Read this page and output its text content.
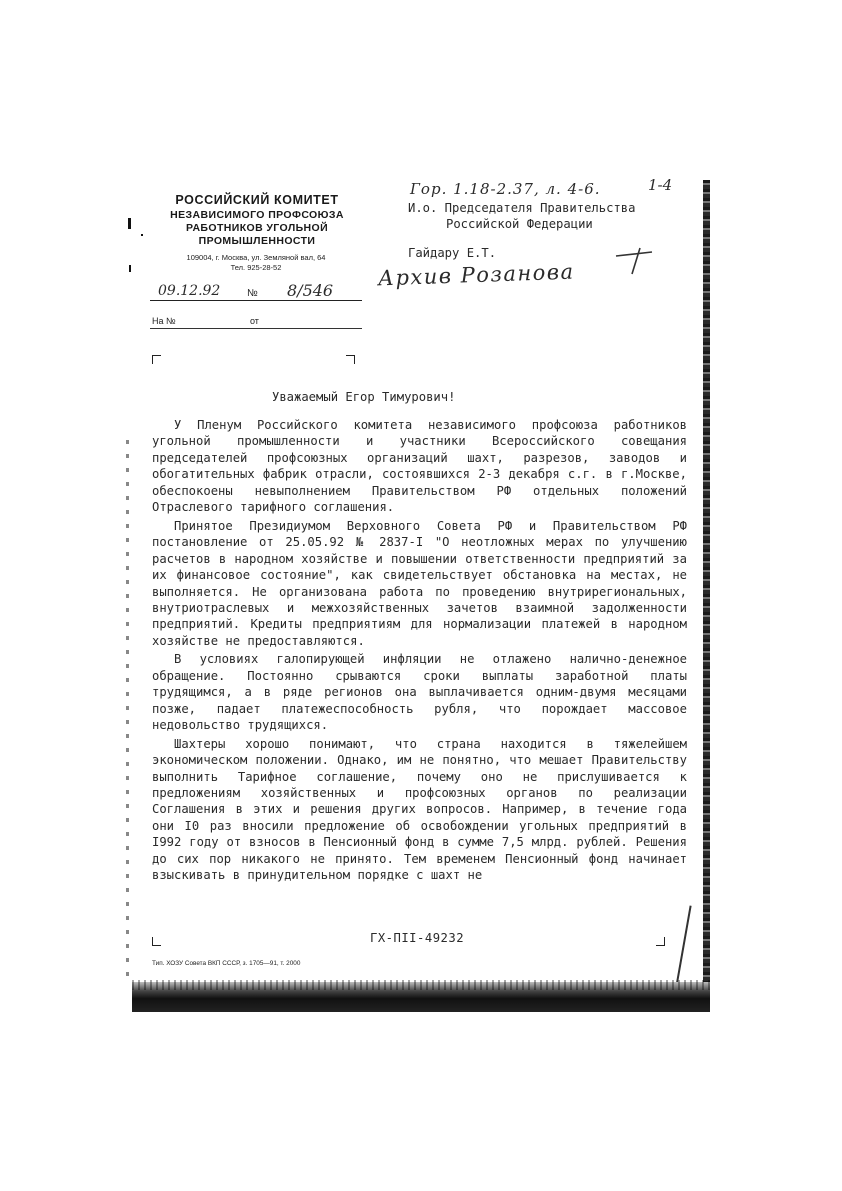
РОССИЙСКИЙ КОМИТЕТ
НЕЗАВИСИМОГО ПРОФСОЮЗА
РАБОТНИКОВ УГОЛЬНОЙ
ПРОМЫШЛЕННОСТИ
109004, г. Москва, ул. Земляной вал, 64
Тел. 925-28-52
09.12.92	№ 8/546
На №	от
Гор. 1.18-2.37, л. 4-6.	1-4
Архив Розанова
И.о. Председателя Правительства
Российской Федерации

Гайдару Е.Т.
Уважаемый Егор Тимурович!

У Пленум Российского комитета независимого профсоюза работников угольной промышленности и участники Всероссийского совещания председателей профсоюзных организаций шахт, разрезов, заводов и обогатительных фабрик отрасли, состоявшихся 2-3 декабря с.г. в г.Москве, обеспокоены невыполнением Правительством РФ отдельных положений Отраслевого тарифного соглашения.

Принятое Президиумом Верховного Совета РФ и Правительством РФ постановление от 25.05.92 № 2837-I "О неотложных мерах по улучшению расчетов в народном хозяйстве и повышении ответственности предприятий за их финансовое состояние", как свидетельствует обстановка на местах, не выполняется. Не организована работа по проведению внутрирегиональных, внутриотраслевых и межхозяйственных зачетов взаимной задолженности предприятий. Кредиты предприятиям для нормализации платежей в народном хозяйстве не предоставляются.

В условиях галопирующей инфляции не отлажено налично-денежное обращение. Постоянно срываются сроки выплаты заработной платы трудящимся, а в ряде регионов она выплачивается одним-двумя месяцами позже, падает платежеспособность рубля, что порождает массовое недовольство трудящихся.

Шахтеры хорошо понимают, что страна находится в тяжелейшем экономическом положении. Однако, им не понятно, что мешает Правительству выполнить Тарифное соглашение, почему оно не прислушивается к предложениям хозяйственных и профсоюзных органов по реализации Соглашения в этих и решения других вопросов. Например, в течение года они I0 раз вносили предложение об освобождении угольных предприятий в I992 году от взносов в Пенсионный фонд в сумме 7,5 млрд. рублей. Решения до сих пор никакого не принято. Тем временем Пенсионный фонд начинает взыскивать в принудительном порядке с шахт не

ГХ-ПII-49232
Тип. ХОЗУ Совета ВКП СССР, з. 1705—91, т. 2000
